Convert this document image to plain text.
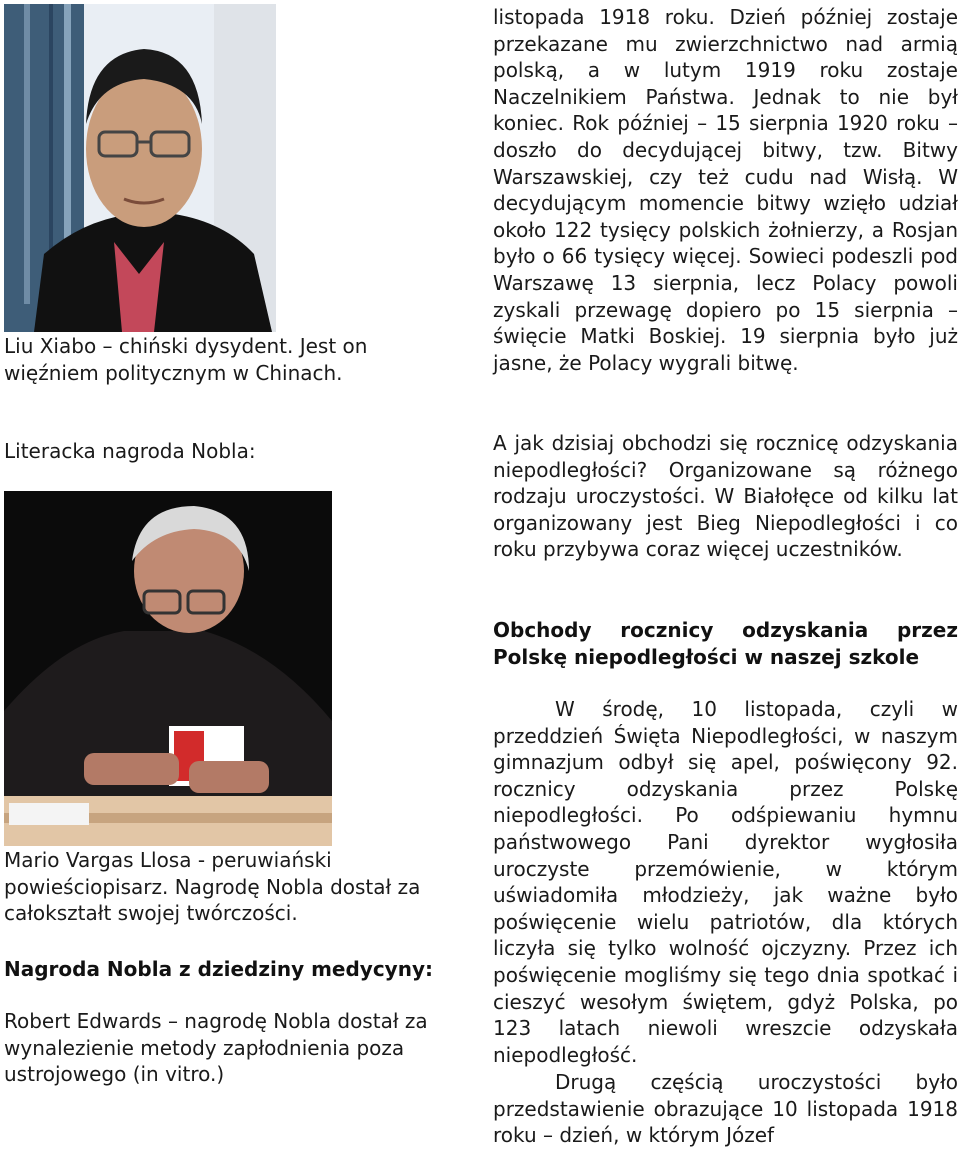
Liu Xiabo – chiński dysydent. Jest on więźniem politycznym w Chinach.

Literacka nagroda Nobla:

Mario Vargas Llosa - peruwiański powieściopisarz. Nagrodę Nobla dostał za całokształt swojej twórczości.

Nagroda Nobla z dziedziny medycyny:

Robert Edwards – nagrodę Nobla dostał za wynalezienie metody zapłodnienia poza ustrojowego (in vitro.)

listopada 1918 roku. Dzień później zostaje przekazane mu zwierzchnictwo nad armią polską, a w lutym 1919 roku zostaje Naczelnikiem Państwa. Jednak to nie był koniec. Rok później – 15 sierpnia 1920 roku – doszło do decydującej bitwy, tzw. Bitwy Warszawskiej, czy też cudu nad Wisłą. W decydującym momencie bitwy wzięło udział około 122 tysięcy polskich żołnierzy, a Rosjan było o 66 tysięcy więcej. Sowieci podeszli pod Warszawę 13 sierpnia, lecz Polacy powoli zyskali przewagę dopiero po 15 sierpnia – święcie Matki Boskiej. 19 sierpnia było już jasne, że Polacy wygrali bitwę.

A jak dzisiaj obchodzi się rocznicę odzyskania niepodległości? Organizowane są różnego rodzaju uroczystości. W Białołęce od kilku lat organizowany jest Bieg Niepodległości i co roku przybywa coraz więcej uczestników.

Obchody rocznicy odzyskania przez Polskę niepodległości w naszej szkole

W środę, 10 listopada, czyli w przeddzień Święta Niepodległości, w naszym gimnazjum odbył się apel, poświęcony 92. rocznicy odzyskania przez Polskę niepodległości. Po odśpiewaniu hymnu państwowego Pani dyrektor wygłosiła uroczyste przemówienie, w którym uświadomiła młodzieży, jak ważne było poświęcenie wielu patriotów, dla których liczyła się tylko wolność ojczyzny. Przez ich poświęcenie mogliśmy się tego dnia spotkać i cieszyć wesołym świętem, gdyż Polska, po 123 latach niewoli wreszcie odzyskała niepodległość.

Drugą częścią uroczystości było przedstawienie obrazujące 10 listopada 1918 roku – dzień, w którym Józef
